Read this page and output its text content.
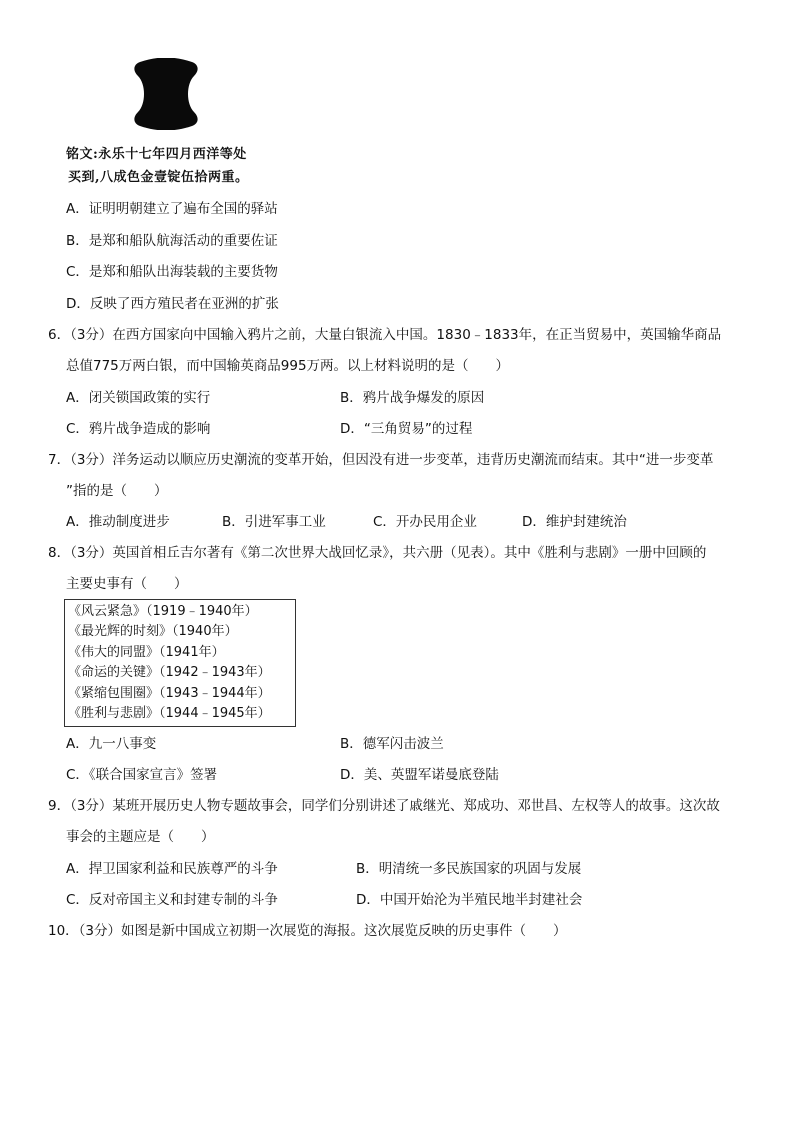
铭文:永乐十七年四月西洋等处
买到,八成色金壹锭伍拾两重。
A．证明明朝建立了遍布全国的驿站
B．是郑和船队航海活动的重要佐证
C．是郑和船队出海装载的主要货物
D．反映了西方殖民者在亚洲的扩张
6．（3分）在西方国家向中国输入鸦片之前，大量白银流入中国。1830﹣1833年，在正当贸易中，英国输华商品
总值775万两白银，而中国输英商品995万两。以上材料说明的是（　　）
A．闭关锁国政策的实行	B．鸦片战争爆发的原因
C．鸦片战争造成的影响	D．“三角贸易”的过程
7．（3分）洋务运动以顺应历史潮流的变革开始，但因没有进一步变革，违背历史潮流而结束。其中“进一步变革
”指的是（　　）
A．推动制度进步	B．引进军事工业	C．开办民用企业	D．维护封建统治
8．（3分）英国首相丘吉尔著有《第二次世界大战回忆录》，共六册（见表）。其中《胜利与悲剧》一册中回顾的
主要史事有（　　）
《风云紧急》（1919﹣1940年）
《最光辉的时刻》（1940年）
《伟大的同盟》（1941年）
《命运的关键》（1942﹣1943年）
《紧缩包围圈》（1943﹣1944年）
《胜利与悲剧》（1944﹣1945年）
A．九一八事变	B．德军闪击波兰
C．《联合国家宣言》签署	D．美、英盟军诺曼底登陆
9．（3分）某班开展历史人物专题故事会，同学们分别讲述了戚继光、郑成功、邓世昌、左权等人的故事。这次故
事会的主题应是（　　）
A．捍卫国家利益和民族尊严的斗争	B．明清统一多民族国家的巩固与发展
C．反对帝国主义和封建专制的斗争	D．中国开始沦为半殖民地半封建社会
10．（3分）如图是新中国成立初期一次展览的海报。这次展览反映的历史事件（　　）
